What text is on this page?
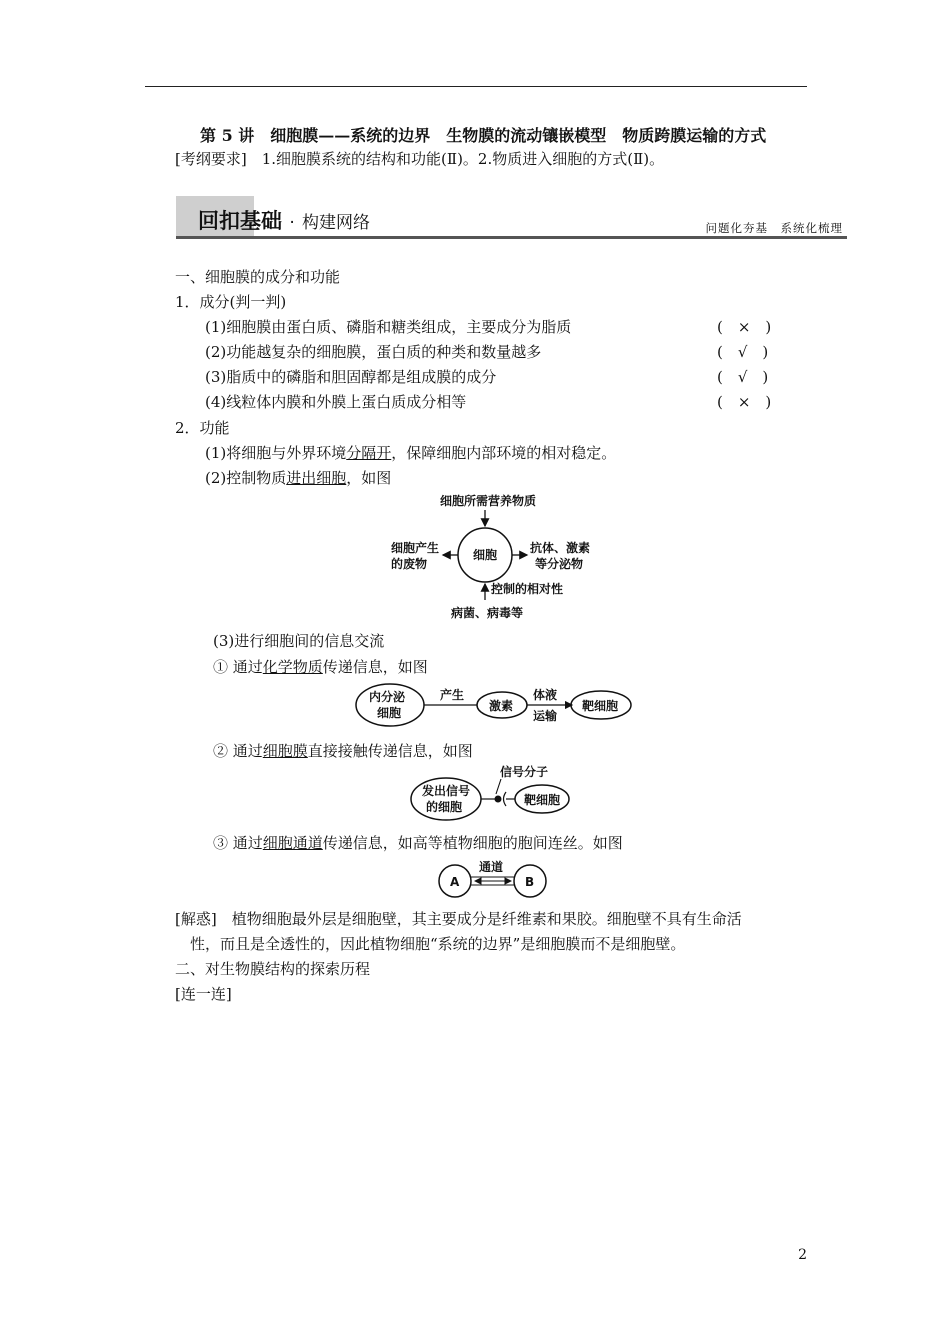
第 5 讲　细胞膜——系统的边界　生物膜的流动镶嵌模型　物质跨膜运输的方式
[考纲要求]　1.细胞膜系统的结构和功能(Ⅱ)。2.物质进入细胞的方式(Ⅱ)。
回扣基础 · 构建网络	问题化夯基　系统化梳理
一、细胞膜的成分和功能
1．成分(判一判)
(1)细胞膜由蛋白质、磷脂和糖类组成，主要成分为脂质	(　×　)
(2)功能越复杂的细胞膜，蛋白质的种类和数量越多	(　√　)
(3)脂质中的磷脂和胆固醇都是组成膜的成分	(　√　)
(4)线粒体内膜和外膜上蛋白质成分相等	(　×　)
2．功能
(1)将细胞与外界环境分隔开，保障细胞内部环境的相对稳定。
(2)控制物质进出细胞，如图
细胞所需营养物质
细胞
细胞产生
的废物
抗体、激素
等分泌物
控制的相对性
病菌、病毒等
(3)进行细胞间的信息交流
① 通过化学物质传递信息，如图
内分泌
细胞
产生
激素
体液
运输
靶细胞
② 通过细胞膜直接接触传递信息，如图
信号分子
发出信号
的细胞	靶细胞
③ 通过细胞通道传递信息，如高等植物细胞的胞间连丝。如图
A
通道
B
[解惑]　植物细胞最外层是细胞壁，其主要成分是纤维素和果胶。细胞壁不具有生命活
性，而且是全透性的，因此植物细胞“系统的边界”是细胞膜而不是细胞壁。
二、对生物膜结构的探索历程
[连一连]
2
